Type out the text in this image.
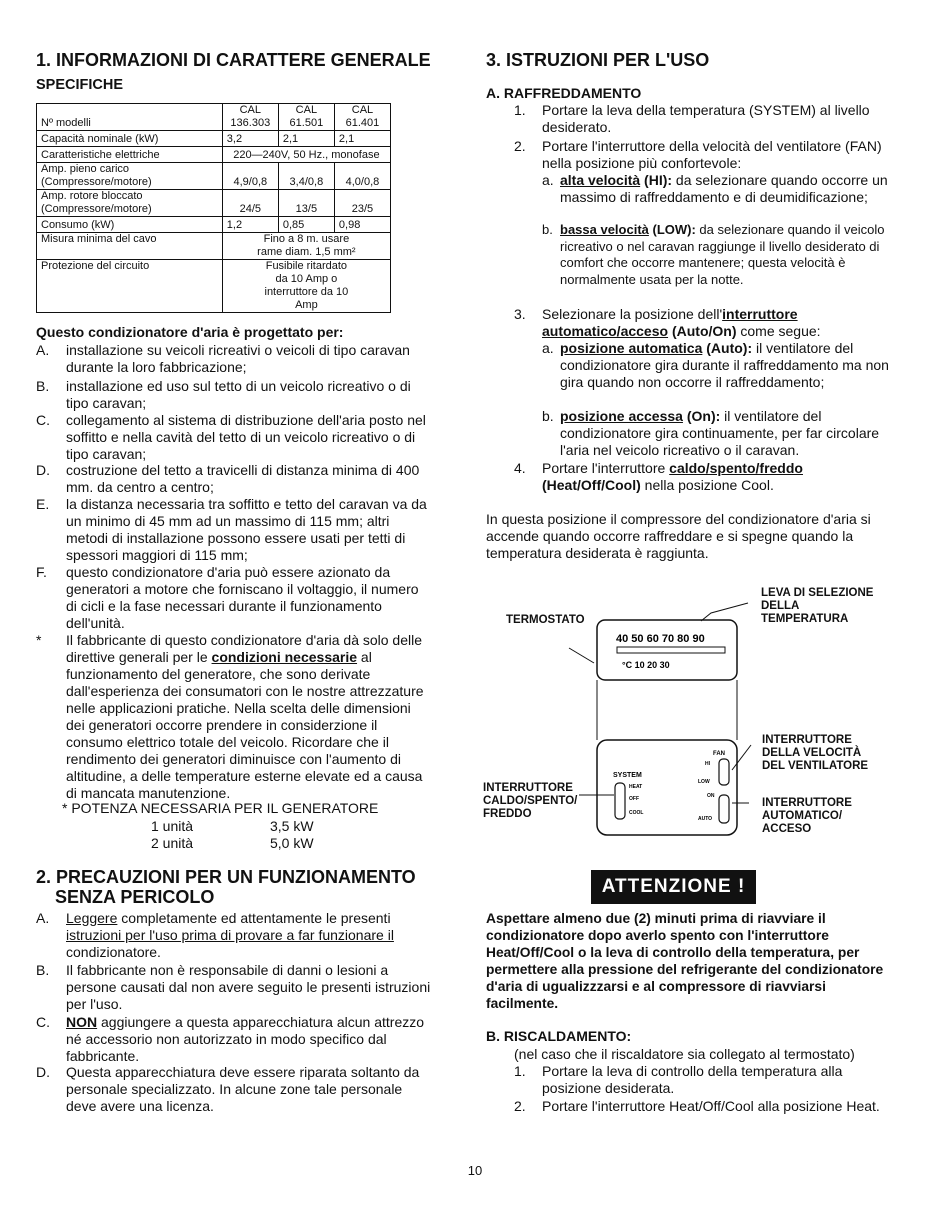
1. INFORMAZIONI DI CARATTERE GENERALE
SPECIFICHE
Nº modelli	CAL 136.303	CAL 61.501	CAL 61.401
Capacità nominale (kW)	3,2	2,1	2,1
Caratteristiche elettriche	220—240V, 50 Hz., monofase		
Amp. pieno carico (Compressore/motore)	4,9/0,8	3,4/0,8	4,0/0,8
Amp. rotore bloccato (Compressore/motore)	24/5	13/5	23/5
Consumo (kW)	1,2	0,85	0,98
Misura minima del cavo	Fino a 8 m. usare rame diam. 1,5 mm²		
Protezione del circuito	Fusibile ritardato da 10 Amp o interruttore da 10 Amp		
Questo condizionatore d'aria è progettato per:
A. installazione su veicoli ricreativi o veicoli di tipo caravan durante la loro fabbricazione;
B. installazione ed uso sul tetto di un veicolo ricreativo o di tipo caravan;
C. collegamento al sistema di distribuzione dell'aria posto nel soffitto e nella cavità del tetto di un veicolo ricreativo o di tipo caravan;
D. costruzione del tetto a travicelli di distanza minima di 400 mm. da centro a centro;
E. la distanza necessaria tra soffitto e tetto del caravan va da un minimo di 45 mm ad un massimo di 115 mm; altri metodi di installazione possono essere usati per tetti di spessori maggiori di 115 mm;
F. questo condizionatore d'aria può essere azionato da generatori a motore che forniscano il voltaggio, il numero di cicli e la fase necessari durante il funzionamento dell'unità.
* Il fabbricante di questo condizionatore d'aria dà solo delle direttive generali per le condizioni necessarie al funzionamento del generatore, che sono derivate dall'esperienza dei consumatori con le nostre attrezzature nelle applicazioni pratiche. Nella scelta delle dimensioni dei generatori occorre prendere in considerzione il consumo elettrico totale del veicolo. Ricordare che il rendimento dei generatori diminuisce con l'aumento di altitudine, a delle temperature esterne elevate ed a causa di mancata manutenzione.
* POTENZA NECESSARIA PER IL GENERATORE
1 unità	3,5 kW
2 unità	5,0 kW
2. PRECAUZIONI PER UN FUNZIONAMENTO
SENZA PERICOLO
A. Leggere completamente ed attentamente le presenti istruzioni per l'uso prima di provare a far funzionare il condizionatore.
B. Il fabbricante non è responsabile di danni o lesioni a persone causati dal non avere seguito le presenti istruzioni per l'uso.
C. NON aggiungere a questa apparecchiatura alcun attrezzo né accessorio non autorizzato in modo specifico dal fabbricante.
D. Questa apparecchiatura deve essere riparata soltanto da personale specializzato. In alcune zone tale personale deve avere una licenza.
3. ISTRUZIONI PER L'USO
A. RAFFREDDAMENTO
1. Portare la leva della temperatura (SYSTEM) al livello desiderato.
2. Portare l'interruttore della velocità del ventilatore (FAN) nella posizione più confortevole:
a. alta velocità (HI): da selezionare quando occorre un massimo di raffreddamento e di deumidificazione;
b. bassa velocità (LOW): da selezionare quando il veicolo ricreativo o nel caravan raggiunge il livello desiderato di comfort che occorre mantenere; questa velocità è normalmente usata per la notte.
3. Selezionare la posizione dell'interruttore automatico/acceso (Auto/On) come segue:
a. posizione automatica (Auto): il ventilatore del condizionatore gira durante il raffreddamento ma non gira quando non occorre il raffreddamento;
b. posizione accessa (On): il ventilatore del condizionatore gira continuamente, per far circolare l'aria nel veicolo ricreativo o il caravan.
4. Portare l'interruttore caldo/spento/freddo (Heat/Off/Cool) nella posizione Cool.
In questa posizione il compressore del condizionatore d'aria si accende quando occorre raffreddare e si spegne quando la temperatura desiderata è raggiunta.
40 50 60 70 80 90
°C 10 20 30
SYSTEM
HEAT
OFF
COOL
FAN
HI
LOW
ON
AUTO
TERMOSTATO
LEVA DI SELEZIONE DELLA TEMPERATURA
INTERRUTTORE DELLA VELOCITÀ DEL VENTILATORE
INTERRUTTORE CALDO/SPENTO/ FREDDO
INTERRUTTORE AUTOMATICO/ ACCESO
ATTENZIONE !
Aspettare almeno due (2) minuti prima di riavviare il condizionatore dopo averlo spento con l'interruttore Heat/Off/Cool o la leva di controllo della temperatura, per permettere alla pressione del refrigerante del condizionatore d'aria di ugualizzzarsi e al compressore di riavviarsi facilmente.
B. RISCALDAMENTO:
(nel caso che il riscaldatore sia collegato al termostato)
1. Portare la leva di controllo della temperatura alla posizione desiderata.
2. Portare l'interruttore Heat/Off/Cool alla posizione Heat.
10
